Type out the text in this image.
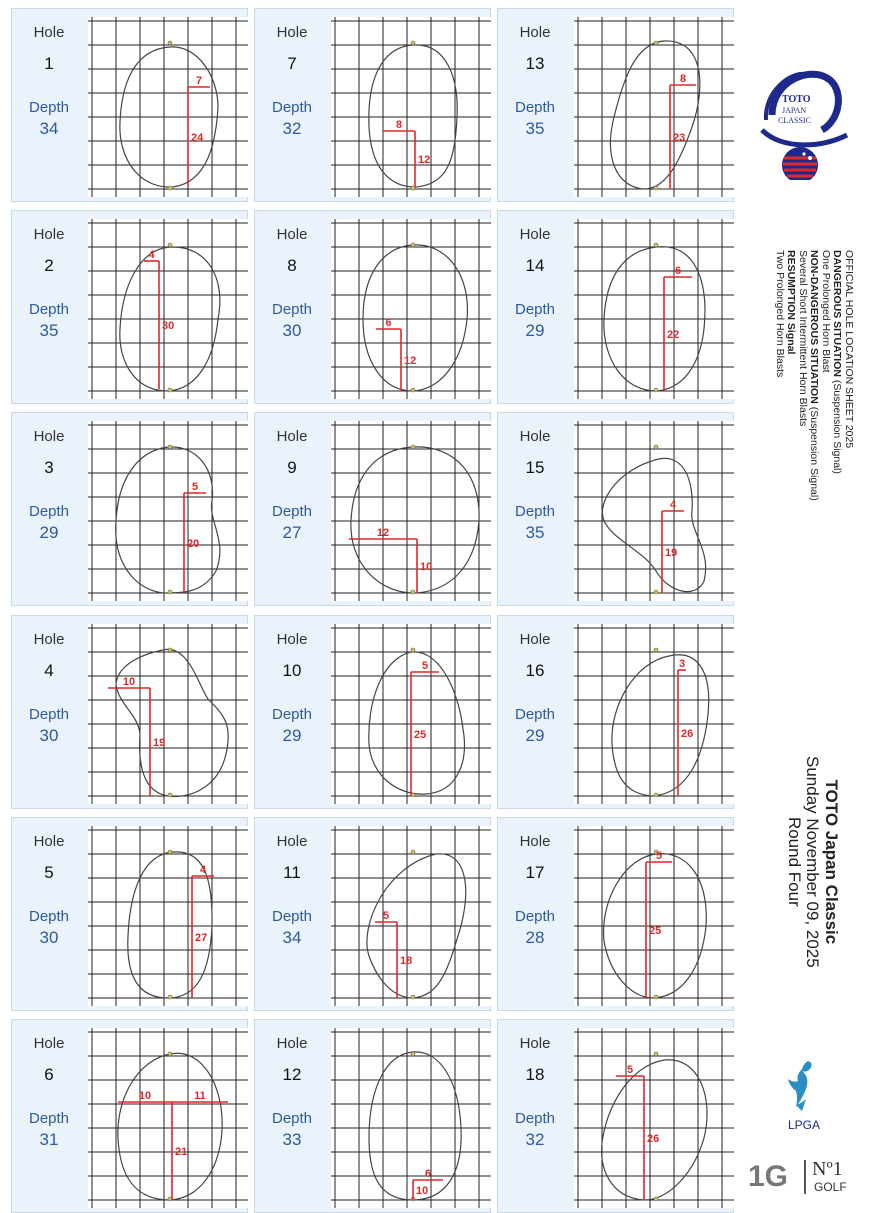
Hole
1
Depth
34	24
7
Hole
7
Depth
32
12
8
Hole
13
Depth
35	23
8
Hole
2
Depth
35	30
4
Hole
8
Depth
30
12
6
Hole
14
Depth
29	22
6
Hole
3
Depth
29
20
5
Hole
9
Depth
27
10
12
Hole
15
Depth
35
19
4
Hole
4
Depth
30	19
10
Hole
10
Depth
29	25
5
Hole
16
Depth
29	26
3
Hole
5
Depth
30	27
4
Hole
11
Depth
34
18
5
Hole
17
Depth
28	25
5
Hole
6
Depth
31
21
10	11
Hole
12
Depth
33
10
6
Hole
18
Depth
32	26
5
TOTO
JAPAN
CLASSIC
OFFICIAL HOLE LOCATION SHEET 2025
DANGEROUS SITUATION (Suspension Signal)
One Prolonged Horn Blast
NON-DANGEROUS SITUATION (Suspension Signal)
Several Short Intermittent Horn Blasts
RESUMPTION Signal
Two Prolonged Horn Blasts
TOTO Japan Classic
Sunday November 09, 2025
Round Four
LPGA
1G Nº1
GOLF
